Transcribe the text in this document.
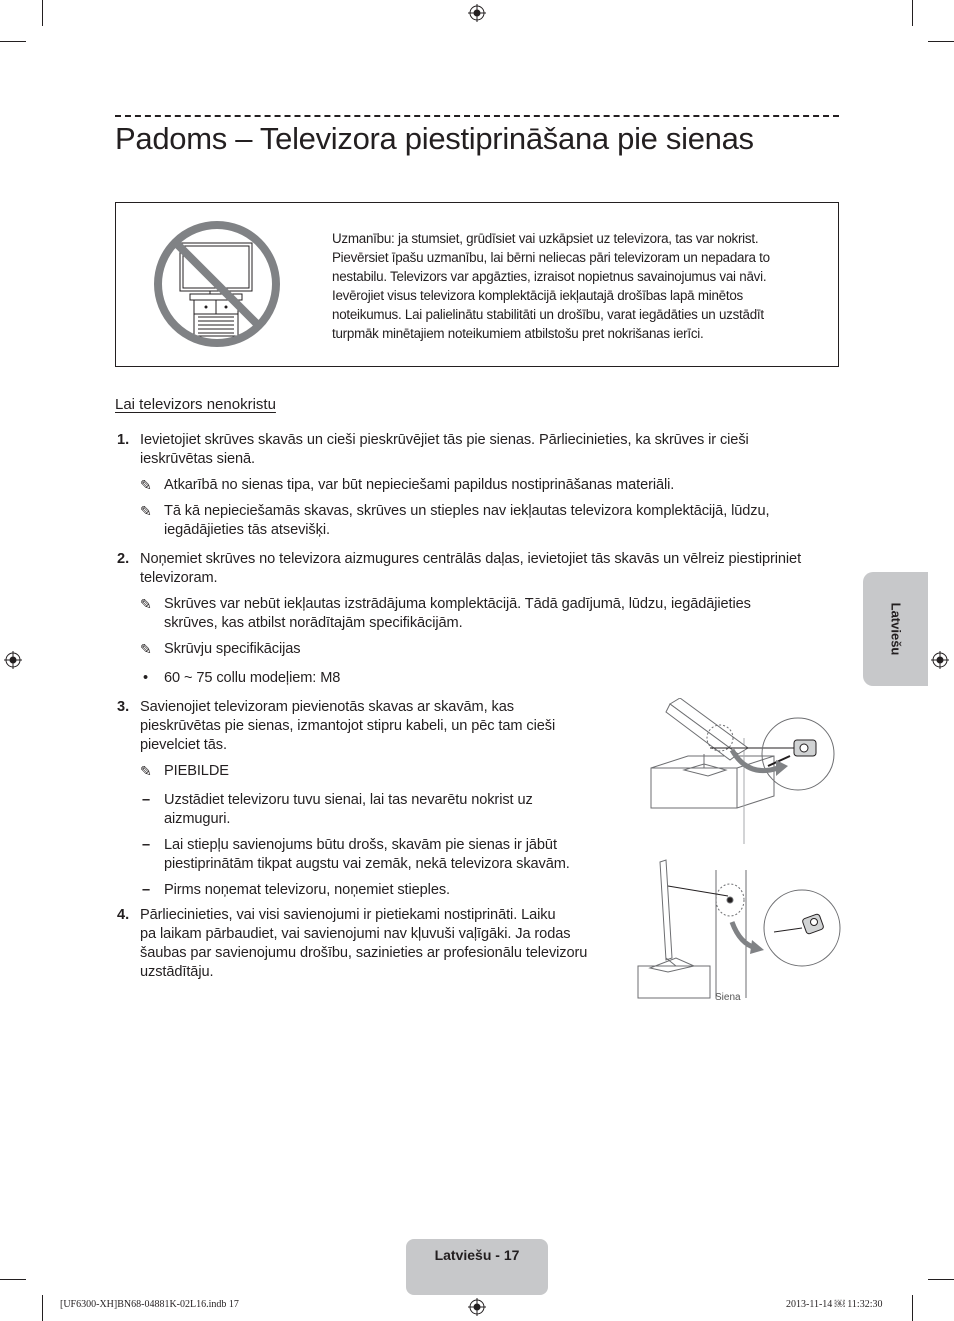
Padoms – Televizora piestiprināšana pie sienas
Uzmanību: ja stumsiet, grūdīsiet vai uzkāpsiet uz televizora, tas var nokrist. Pievērsiet īpašu uzmanību, lai bērni neliecas pāri televizoram un nepadara to nestabilu. Televizors var apgāzties, izraisot nopietnus savainojumus vai nāvi. Ievērojiet visus televizora komplektācijā iekļautajā drošības lapā minētos noteikumus. Lai palielinātu stabilitāti un drošību, varat iegādāties un uzstādīt turpmāk minētajiem noteikumiem atbilstošu pret nokrišanas ierīci.
Lai televizors nenokristu
1. Ievietojiet skrūves skavās un cieši pieskrūvējiet tās pie sienas. Pārliecinieties, ka skrūves ir cieši
ieskrūvētas sienā.
✎ Atkarībā no sienas tipa, var būt nepieciešami papildus nostiprināšanas materiāli.
✎ Tā kā nepieciešamās skavas, skrūves un stieples nav iekļautas televizora komplektācijā, lūdzu,
iegādājieties tās atsevišķi.
2. Noņemiet skrūves no televizora aizmugures centrālās daļas, ievietojiet tās skavās un vēlreiz piestipriniet
televizoram.
✎ Skrūves var nebūt iekļautas izstrādājuma komplektācijā. Tādā gadījumā, lūdzu, iegādājieties
skrūves, kas atbilst norādītajām specifikācijām.
✎ Skrūvju specifikācijas
• 60 ~ 75 collu modeļiem: M8
3. Savienojiet televizoram pievienotās skavas ar skavām, kas
pieskrūvētas pie sienas, izmantojot stipru kabeli, un pēc tam cieši
pievelciet tās.
✎ PIEBILDE
– Uzstādiet televizoru tuvu sienai, lai tas nevarētu nokrist uz
aizmuguri.
– Lai stiepļu savienojums būtu drošs, skavām pie sienas ir jābūt
piestiprinātām tikpat augstu vai zemāk, nekā televizora skavām.
– Pirms noņemat televizoru, noņemiet stieples.
4. Pārliecinieties, vai visi savienojumi ir pietiekami nostiprināti. Laiku
pa laikam pārbaudiet, vai savienojumi nav kļuvuši vaļīgāki. Ja rodas
šaubas par savienojumu drošību, sazinieties ar profesionālu televizoru
uzstādītāju.
Siena
Latviešu
Latviešu - 17
[UF6300-XH]BN68-04881K-02L16.indb 17	2013-11-14 ￼ 11:32:30
